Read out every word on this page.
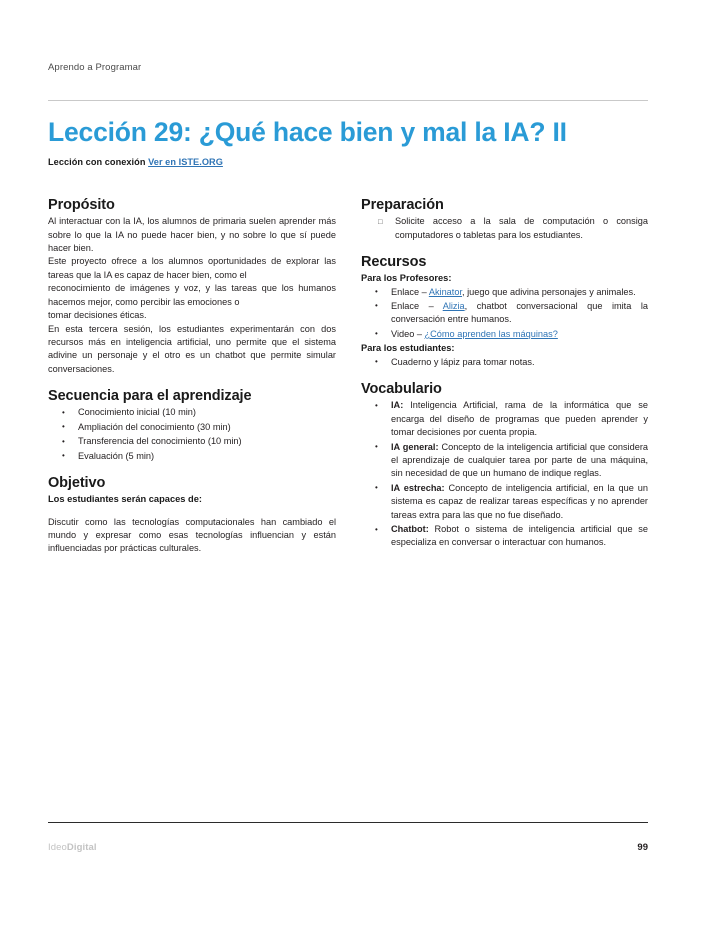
Aprendo a Programar
Lección 29: ¿Qué hace bien y mal la IA? II

Lección con conexión Ver en ISTE.ORG

Propósito

Al interactuar con la IA, los alumnos de primaria suelen aprender más sobre lo que la IA no puede hacer bien, y no sobre lo que sí puede hacer bien.

Este proyecto ofrece a los alumnos oportunidades de explorar las tareas que la IA es capaz de hacer bien, como el

reconocimiento de imágenes y voz, y las tareas que los humanos hacemos mejor, como percibir las emociones o

tomar decisiones éticas.

En esta tercera sesión, los estudiantes experimentarán con dos recursos más en inteligencia artificial, uno permite que el sistema adivine un personaje y el otro es un chatbot que permite simular conversaciones.

Secuencia para el aprendizaje
• Conocimiento inicial (10 min)
• Ampliación del conocimiento (30 min)
• Transferencia del conocimiento (10 min)
• Evaluación (5 min)
Objetivo
Los estudiantes serán capaces de:

Discutir como las tecnologías computacionales han cambiado el mundo y expresar como esas tecnologías influencian y están influenciadas por prácticas culturales.

Preparación
□ Solicite acceso a la sala de computación o consiga computadores o tabletas para los estudiantes.
Recursos
Para los Profesores:
• Enlace – Akinator, juego que adivina personajes y animales.
• Enlace – Alizia, chatbot conversacional que imita la conversación entre humanos.
• Video – ¿Cómo aprenden las máquinas?
Para los estudiantes:
• Cuaderno y lápiz para tomar notas.
Vocabulario
• IA: Inteligencia Artificial, rama de la informática que se encarga del diseño de programas que pueden aprender y tomar decisiones por cuenta propia.
• IA general: Concepto de la inteligencia artificial que considera el aprendizaje de cualquier tarea por parte de una máquina, sin necesidad de que un humano de indique reglas.
• IA estrecha: Concepto de inteligencia artificial, en la que un sistema es capaz de realizar tareas específicas y no aprender tareas extra para las que no fue diseñado.
• Chatbot: Robot o sistema de inteligencia artificial que se especializa en conversar o interactuar con humanos.
IdeoDigital	99
